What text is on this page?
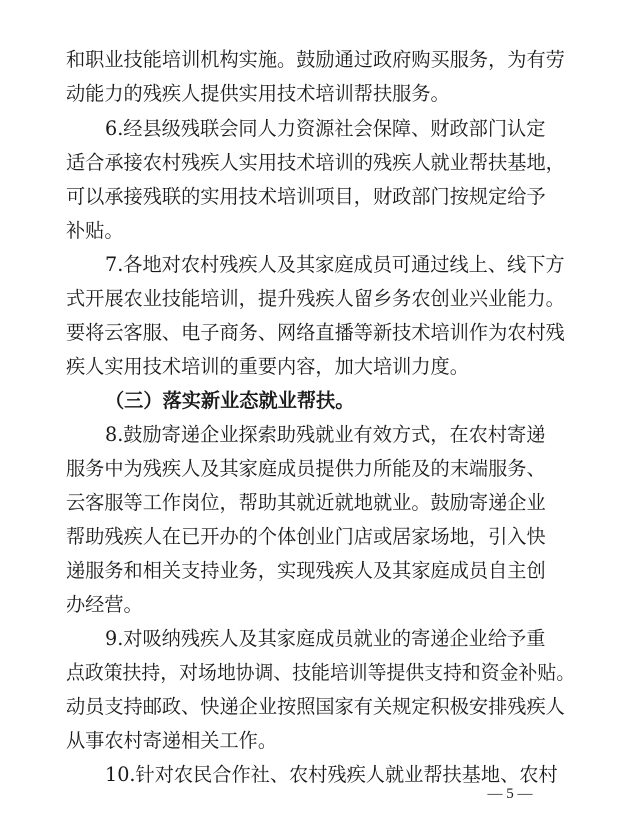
和职业技能培训机构实施。鼓励通过政府购买服务，为有劳
动能力的残疾人提供实用技术培训帮扶服务。
6.经县级残联会同人力资源社会保障、财政部门认定
适合承接农村残疾人实用技术培训的残疾人就业帮扶基地，
可以承接残联的实用技术培训项目，财政部门按规定给予
补贴。
7.各地对农村残疾人及其家庭成员可通过线上、线下方
式开展农业技能培训，提升残疾人留乡务农创业兴业能力。
要将云客服、电子商务、网络直播等新技术培训作为农村残
疾人实用技术培训的重要内容，加大培训力度。
（三）落实新业态就业帮扶。
8.鼓励寄递企业探索助残就业有效方式，在农村寄递
服务中为残疾人及其家庭成员提供力所能及的末端服务、
云客服等工作岗位，帮助其就近就地就业。鼓励寄递企业
帮助残疾人在已开办的个体创业门店或居家场地，引入快
递服务和相关支持业务，实现残疾人及其家庭成员自主创
办经营。
9.对吸纳残疾人及其家庭成员就业的寄递企业给予重
点政策扶持，对场地协调、技能培训等提供支持和资金补贴。
动员支持邮政、快递企业按照国家有关规定积极安排残疾人
从事农村寄递相关工作。
10.针对农民合作社、农村残疾人就业帮扶基地、农村
— 5 —
